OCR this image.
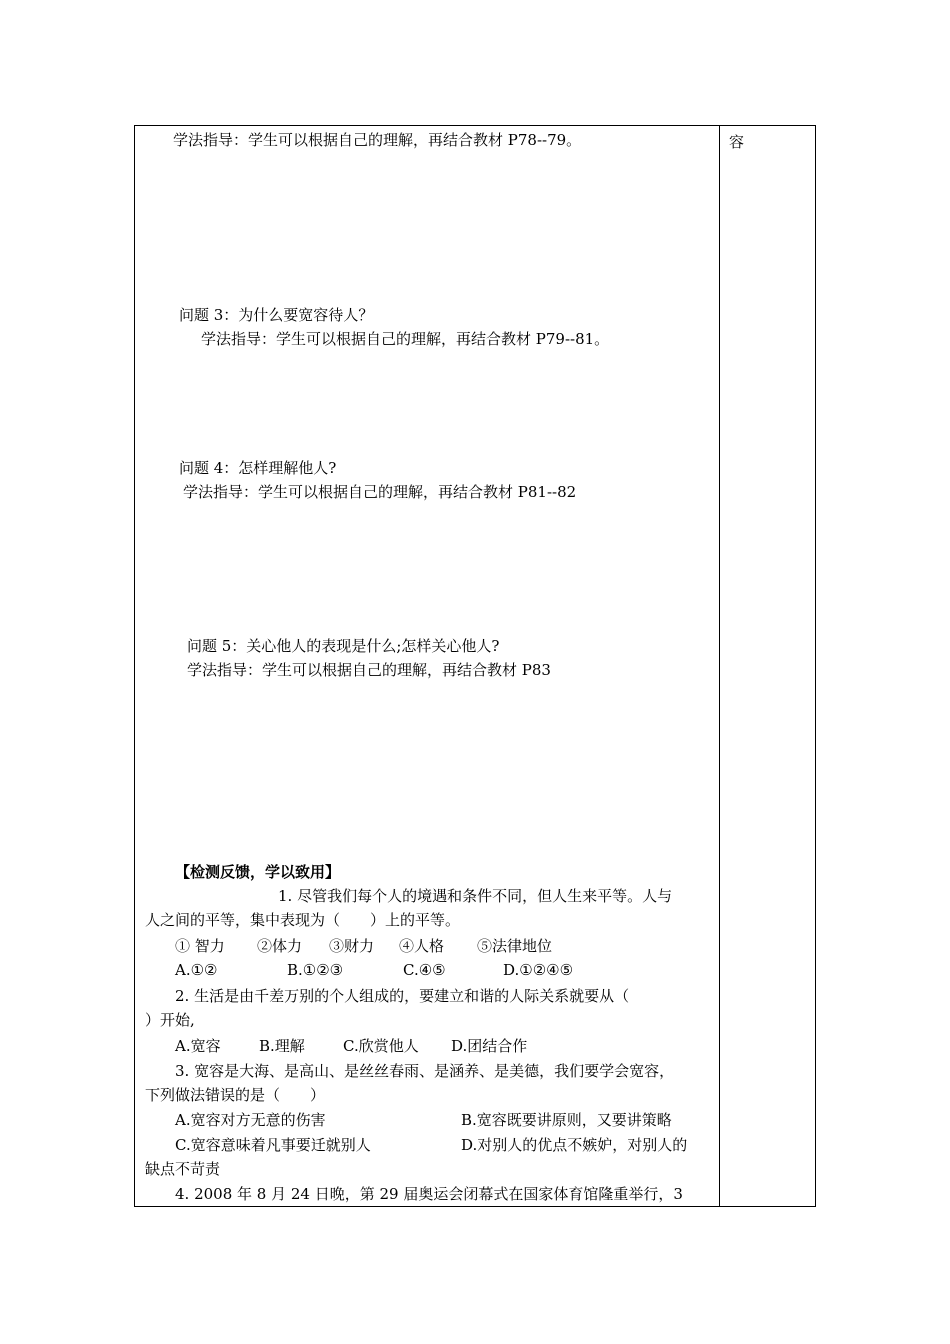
容
学法指导：学生可以根据自己的理解，再结合教材 P78--79。
问题 3：为什么要宽容待人？
学法指导：学生可以根据自己的理解，再结合教材 P79--81。
问题 4：怎样理解他人?
学法指导：学生可以根据自己的理解，再结合教材 P81--82
问题 5：关心他人的表现是什么;怎样关心他人?
学法指导：学生可以根据自己的理解，再结合教材 P83
【检测反馈，学以致用】
1. 尽管我们每个人的境遇和条件不同，但人生来平等。人与
人之间的平等，集中表现为（　　）上的平等。
① 智力 ②体力 ③财力 ④人格 ⑤法律地位
A.①②	B.①②③	C.④⑤	D.①②④⑤
2. 生活是由千差万别的个人组成的，要建立和谐的人际关系就要从（
）开始,
A.宽容	B.理解	C.欣赏他人 D.团结合作
3. 宽容是大海、是高山、是丝丝春雨、是涵养、是美德，我们要学会宽容，
下列做法错误的是（　　）
A.宽容对方无意的伤害	B.宽容既要讲原则，又要讲策略
C.宽容意味着凡事要迁就别人	D.对别人的优点不嫉妒，对别人的
缺点不苛责
4. 2008 年 8 月 24 日晚，第 29 届奥运会闭幕式在国家体育馆隆重举行，3
